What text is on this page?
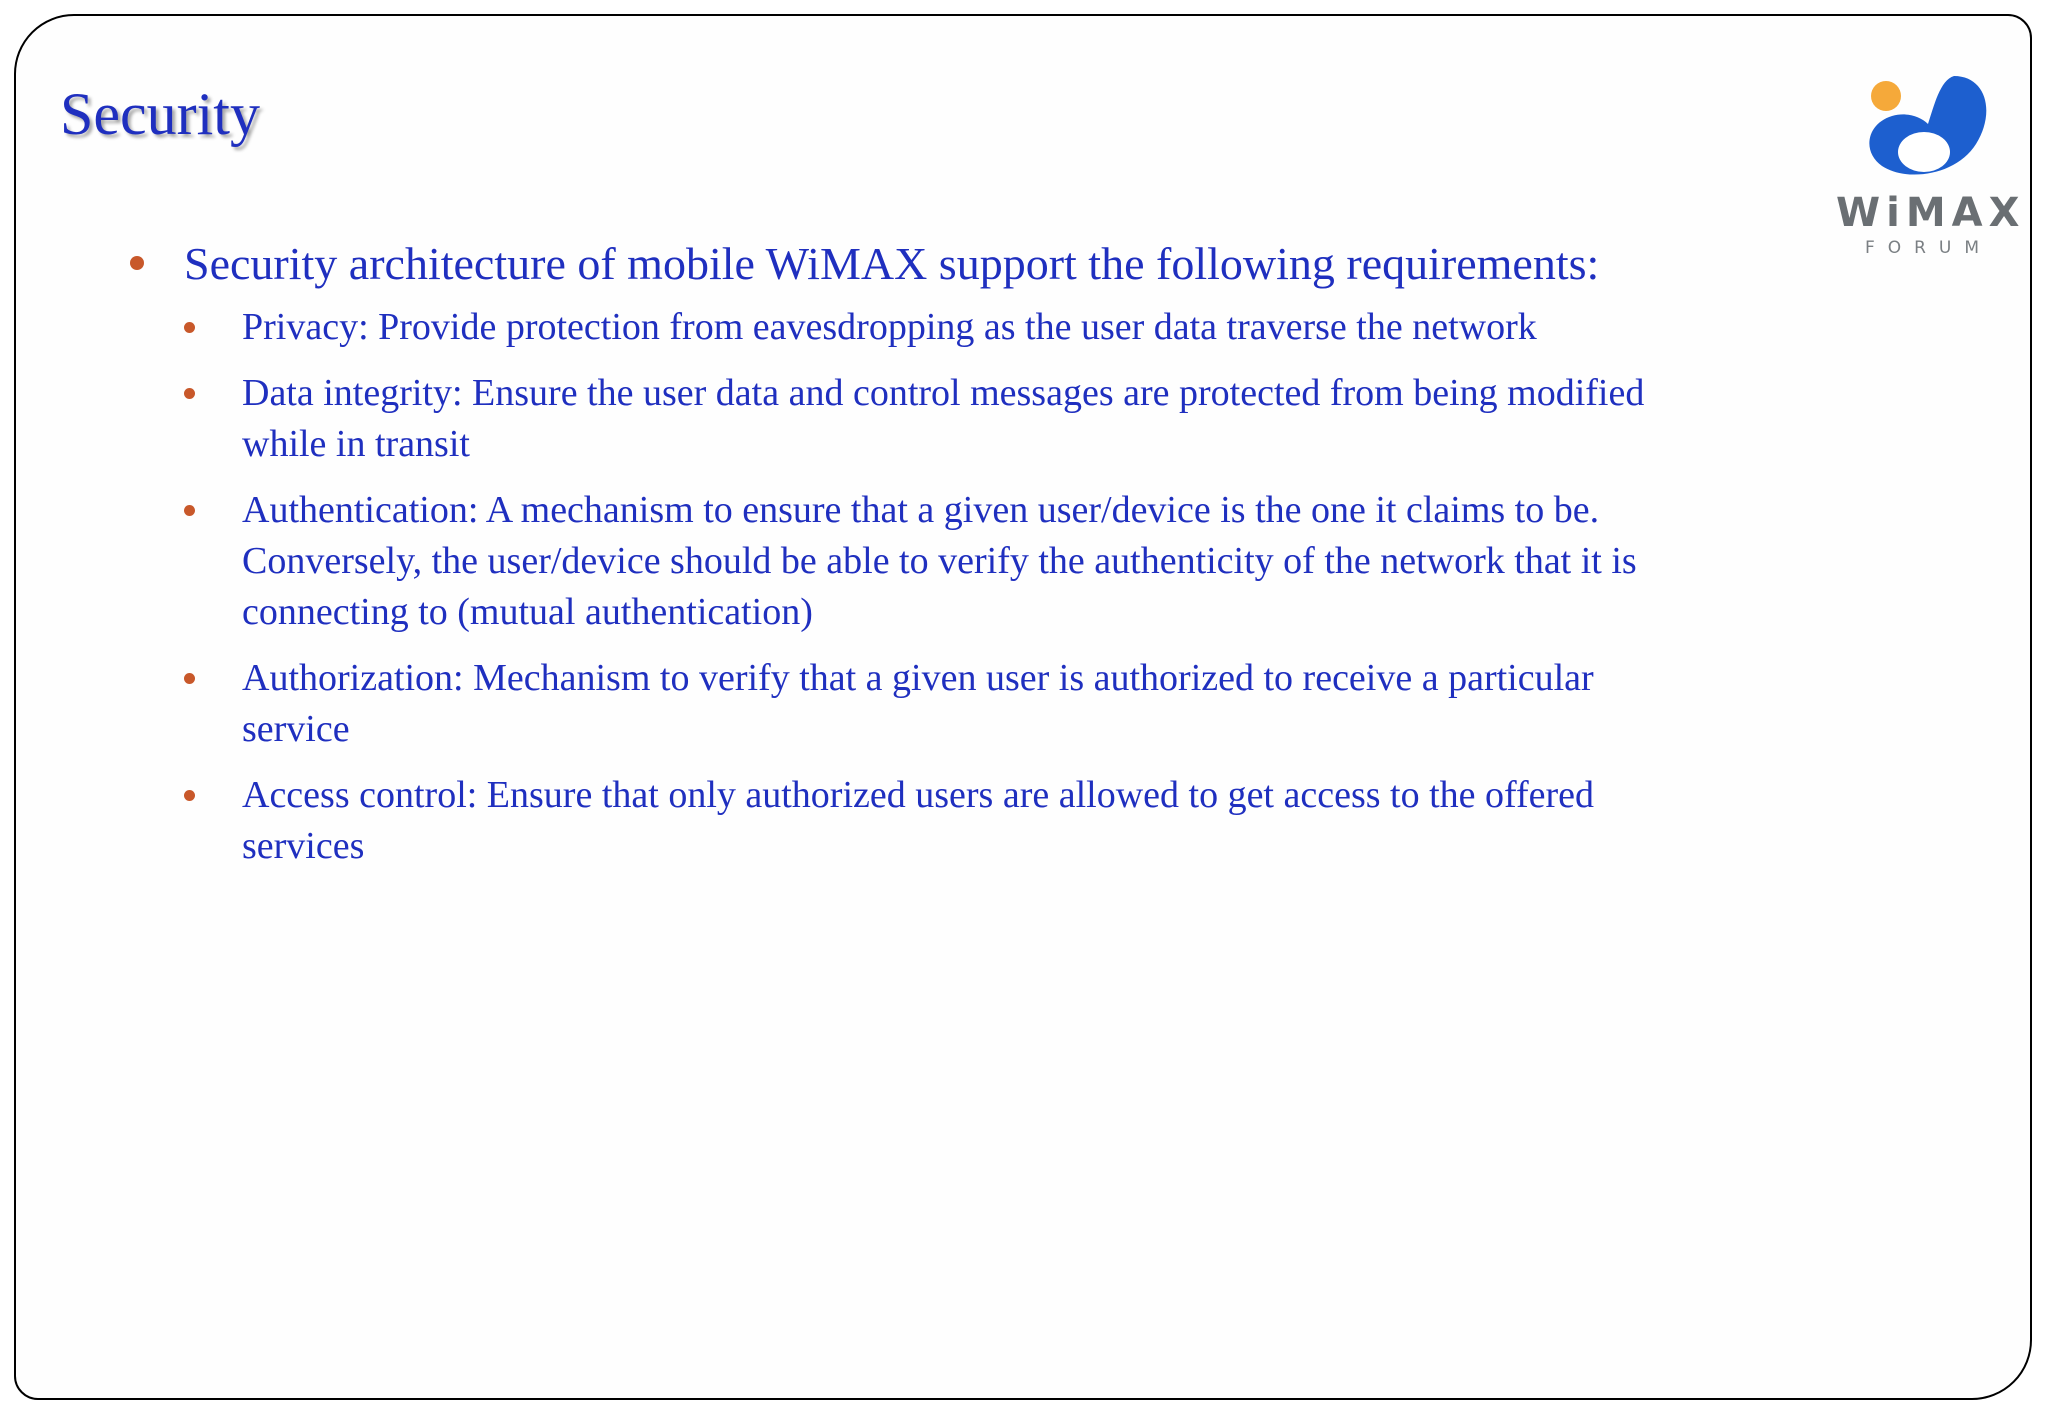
Security
WiMAX
FORUM
Security architecture of mobile WiMAX support the following requirements:
Privacy: Provide protection from eavesdropping as the user data traverse the network
Data integrity: Ensure the user data and control messages are protected from being modified
while in transit
Authentication: A mechanism to ensure that a given user/device is the one it claims to be.
Conversely, the user/device should be able to verify the authenticity of the network that it is
connecting to (mutual authentication)
Authorization: Mechanism to verify that a given user is authorized to receive a particular
service
Access control: Ensure that only authorized users are allowed to get access to the offered
services
